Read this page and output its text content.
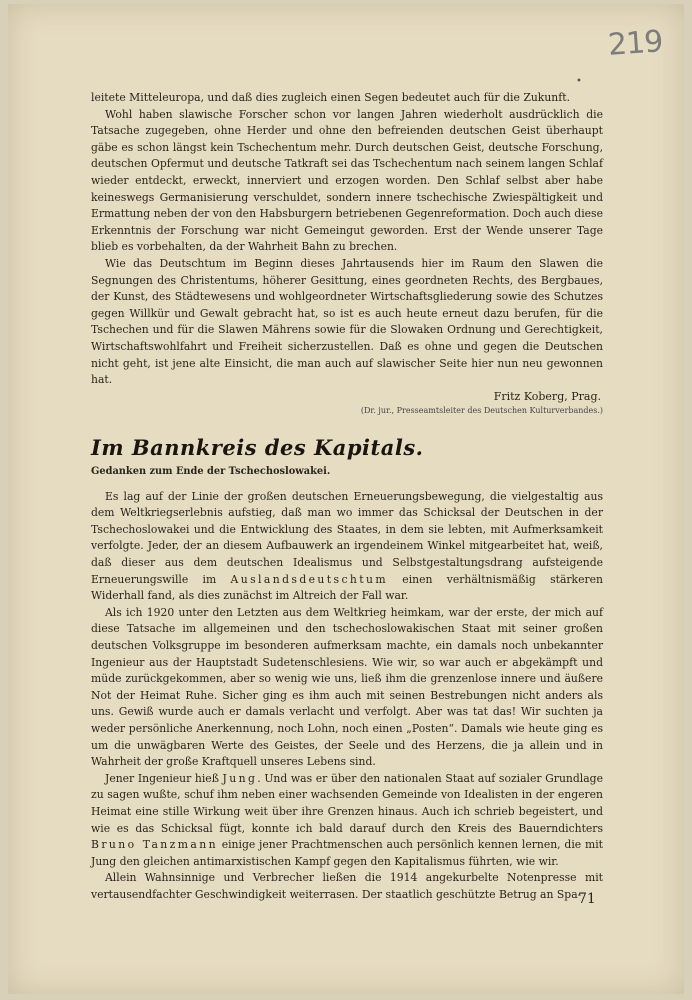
219
•

leitete Mitteleuropa, und daß dies zugleich einen Segen bedeutet auch für die Zukunft.

Wohl haben slawische Forscher schon vor langen Jahren wiederholt ausdrücklich die Tatsache zugegeben, ohne Herder und ohne den befreienden deutschen Geist überhaupt gäbe es schon längst kein Tschechentum mehr. Durch deutschen Geist, deutsche Forschung, deutschen Opfermut und deutsche Tatkraft sei das Tschechentum nach seinem langen Schlaf wieder entdeckt, erweckt, innerviert und erzogen worden. Den Schlaf selbst aber habe keineswegs Germanisierung verschuldet, sondern innere tschechische Zwiespältigkeit und Ermattung neben der von den Habsburgern betriebenen Gegenreformation. Doch auch diese Erkenntnis der Forschung war nicht Gemeingut geworden. Erst der Wende unserer Tage blieb es vorbehalten, da der Wahrheit Bahn zu brechen.

Wie das Deutschtum im Beginn dieses Jahrtausends hier im Raum den Slawen die Segnungen des Christentums, höherer Gesittung, eines geordneten Rechts, des Bergbaues, der Kunst, des Städtewesens und wohlgeordneter Wirtschaftsgliederung sowie des Schutzes gegen Willkür und Gewalt gebracht hat, so ist es auch heute erneut dazu berufen, für die Tschechen und für die Slawen Mährens sowie für die Slowaken Ordnung und Gerechtigkeit, Wirtschaftswohlfahrt und Freiheit sicherzustellen. Daß es ohne und gegen die Deutschen nicht geht, ist jene alte Einsicht, die man auch auf slawischer Seite hier nun neu gewonnen hat.

Fritz Koberg, Prag.
(Dr. jur., Presseamtsleiter des Deutschen Kulturverbandes.)
Im Bannkreis des Kapitals.
Gedanken zum Ende der Tschechoslowakei.

Es lag auf der Linie der großen deutschen Erneuerungsbewegung, die vielgestaltig aus dem Weltkriegserlebnis aufstieg, daß man wo immer das Schicksal der Deutschen in der Tschechoslowakei und die Entwicklung des Staates, in dem sie lebten, mit Aufmerksamkeit verfolgte. Jeder, der an diesem Aufbauwerk an irgendeinem Winkel mitgearbeitet hat, weiß, daß dieser aus dem deutschen Idealismus und Selbstgestaltungsdrang aufsteigende Erneuerungswille im Auslandsdeutschtum einen verhältnismäßig stärkeren Widerhall fand, als dies zunächst im Altreich der Fall war.

Als ich 1920 unter den Letzten aus dem Weltkrieg heimkam, war der erste, der mich auf diese Tatsache im allgemeinen und den tschechoslowakischen Staat mit seiner großen deutschen Volksgruppe im besonderen aufmerksam machte, ein damals noch unbekannter Ingenieur aus der Hauptstadt Sudetenschlesiens. Wie wir, so war auch er abgekämpft und müde zurückgekommen, aber so wenig wie uns, ließ ihm die grenzenlose innere und äußere Not der Heimat Ruhe. Sicher ging es ihm auch mit seinen Bestrebungen nicht anders als uns. Gewiß wurde auch er damals verlacht und verfolgt. Aber was tat das! Wir suchten ja weder persönliche Anerkennung, noch Lohn, noch einen „Posten“. Damals wie heute ging es um die unwägbaren Werte des Geistes, der Seele und des Herzens, die ja allein und in Wahrheit der große Kraftquell unseres Lebens sind.

Jener Ingenieur hieß Jung. Und was er über den nationalen Staat auf sozialer Grundlage zu sagen wußte, schuf ihm neben einer wachsenden Gemeinde von Idealisten in der engeren Heimat eine stille Wirkung weit über ihre Grenzen hinaus. Auch ich schrieb begeistert, und wie es das Schicksal fügt, konnte ich bald darauf durch den Kreis des Bauerndichters Bruno Tanzmann einige jener Prachtmenschen auch persönlich kennen lernen, die mit Jung den gleichen antimarxistischen Kampf gegen den Kapitalismus führten, wie wir.

Allein Wahnsinnige und Verbrecher ließen die 1914 angekurbelte Notenpresse mit vertausendfachter Geschwindigkeit weiterrasen. Der staatlich geschützte Betrug an Spa-

71
